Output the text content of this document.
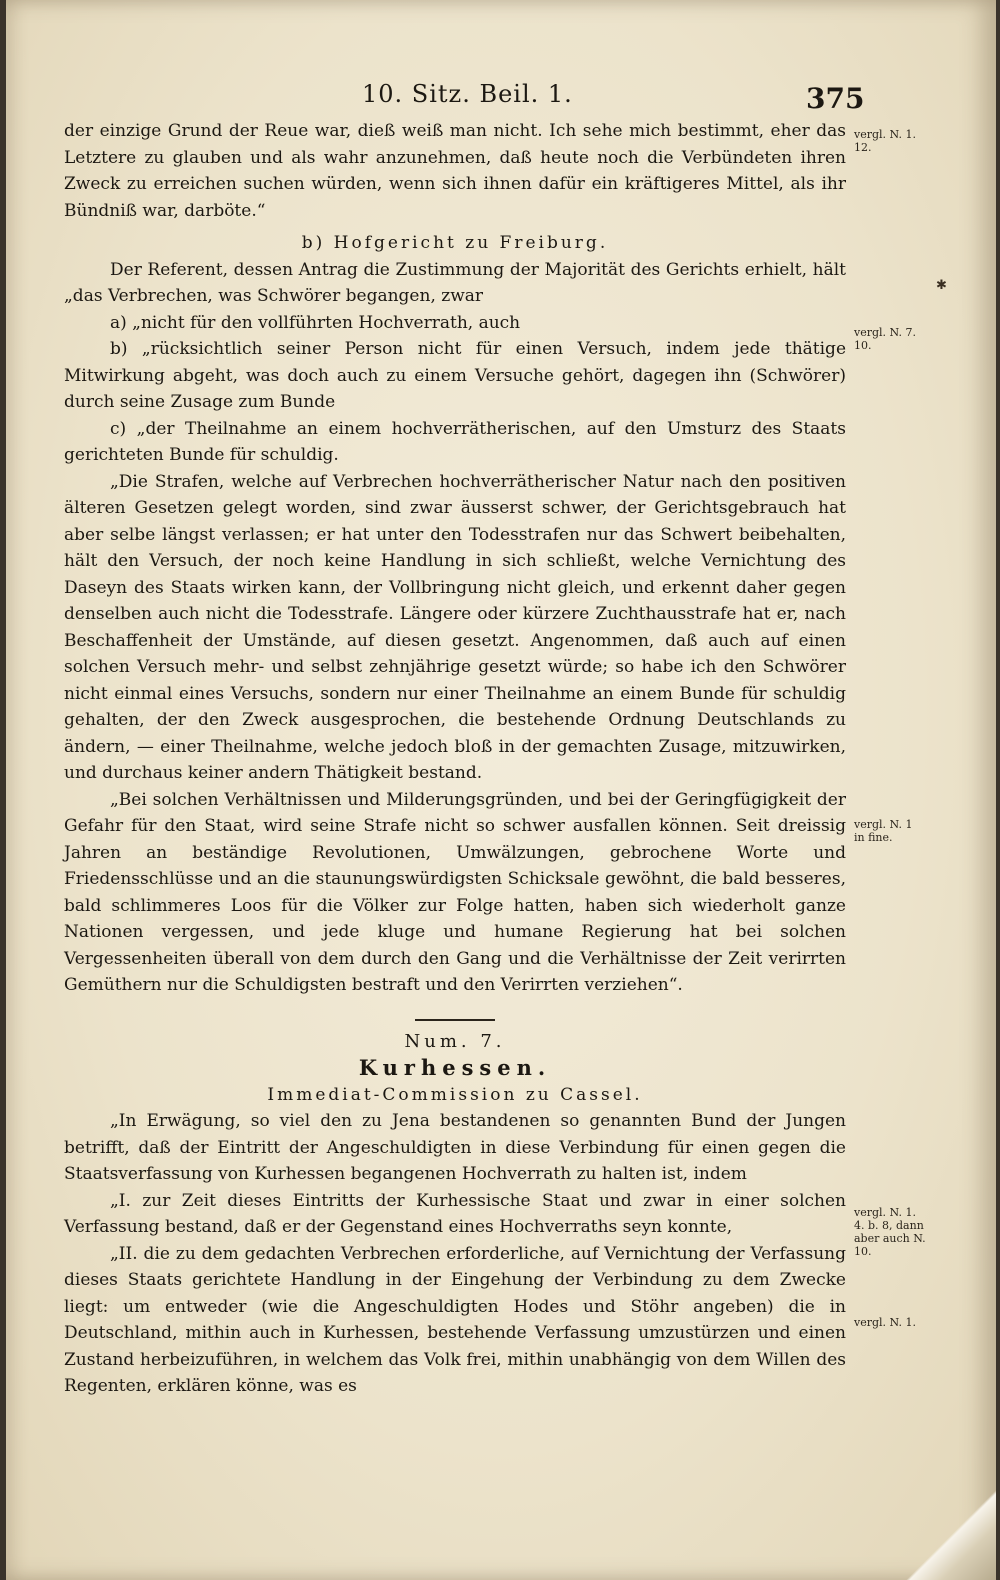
10. Sitz. Beil. 1.	375

der einzige Grund der Reue war, dieß weiß man nicht. Ich sehe mich bestimmt, eher das Letztere zu glauben und als wahr anzunehmen, daß heute noch die Verbündeten ihren Zweck zu erreichen suchen würden, wenn sich ihnen dafür ein kräftigeres Mittel, als ihr Bündniß war, darböte.“

b) Hofgericht zu Freiburg.

Der Referent, dessen Antrag die Zustimmung der Majorität des Gerichts erhielt, hält „das Verbrechen, was Schwörer begangen, zwar

a) „nicht für den vollführten Hochverrath, auch

b) „rücksichtlich seiner Person nicht für einen Versuch, indem jede thätige Mitwirkung abgeht, was doch auch zu einem Versuche gehört, dagegen ihn (Schwörer) durch seine Zusage zum Bunde

c) „der Theilnahme an einem hochverrätherischen, auf den Umsturz des Staats gerichteten Bunde für schuldig.

„Die Strafen, welche auf Verbrechen hochverrätherischer Natur nach den positiven älteren Gesetzen gelegt worden, sind zwar äusserst schwer, der Gerichtsgebrauch hat aber selbe längst verlassen; er hat unter den Todesstrafen nur das Schwert beibehalten, hält den Versuch, der noch keine Handlung in sich schließt, welche Vernichtung des Daseyn des Staats wirken kann, der Vollbringung nicht gleich, und erkennt daher gegen denselben auch nicht die Todesstrafe. Längere oder kürzere Zuchthausstrafe hat er, nach Beschaffenheit der Umstände, auf diesen gesetzt. Angenommen, daß auch auf einen solchen Versuch mehr- und selbst zehnjährige gesetzt würde; so habe ich den Schwörer nicht einmal eines Versuchs, sondern nur einer Theilnahme an einem Bunde für schuldig gehalten, der den Zweck ausgesprochen, die bestehende Ordnung Deutschlands zu ändern, — einer Theilnahme, welche jedoch bloß in der gemachten Zusage, mitzuwirken, und durchaus keiner andern Thätigkeit bestand.

„Bei solchen Verhältnissen und Milderungsgründen, und bei der Geringfügigkeit der Gefahr für den Staat, wird seine Strafe nicht so schwer ausfallen können. Seit dreissig Jahren an beständige Revolutionen, Umwälzungen, gebrochene Worte und Friedensschlüsse und an die staunungswürdigsten Schicksale gewöhnt, die bald besseres, bald schlimmeres Loos für die Völker zur Folge hatten, haben sich wiederholt ganze Nationen vergessen, und jede kluge und humane Regierung hat bei solchen Vergessenheiten überall von dem durch den Gang und die Verhältnisse der Zeit verirrten Gemüthern nur die Schuldigsten bestraft und den Verirrten verziehen“.

Num. 7.

Kurhessen.

Immediat-Commission zu Cassel.

„In Erwägung, so viel den zu Jena bestandenen so genannten Bund der Jungen betrifft, daß der Eintritt der Angeschuldigten in diese Verbindung für einen gegen die Staatsverfassung von Kurhessen begangenen Hochverrath zu halten ist, indem

„I. zur Zeit dieses Eintritts der Kurhessische Staat und zwar in einer solchen Verfassung bestand, daß er der Gegenstand eines Hochverraths seyn konnte,

„II. die zu dem gedachten Verbrechen erforderliche, auf Vernichtung der Verfassung dieses Staats gerichtete Handlung in der Eingehung der Verbindung zu dem Zwecke liegt: um entweder (wie die Angeschuldigten Hodes und Stöhr angeben) die in Deutschland, mithin auch in Kurhessen, bestehende Verfassung umzustürzen und einen Zustand herbeizuführen, in welchem das Volk frei, mithin unabhängig von dem Willen des Regenten, erklären könne, was es

vergl. N. 1.
12.
vergl. N. 7.
10.
vergl. N. 1
in fine.
vergl. N. 1.
4. b. 8, dann
aber auch N.
10.
vergl. N. 1.
✱
